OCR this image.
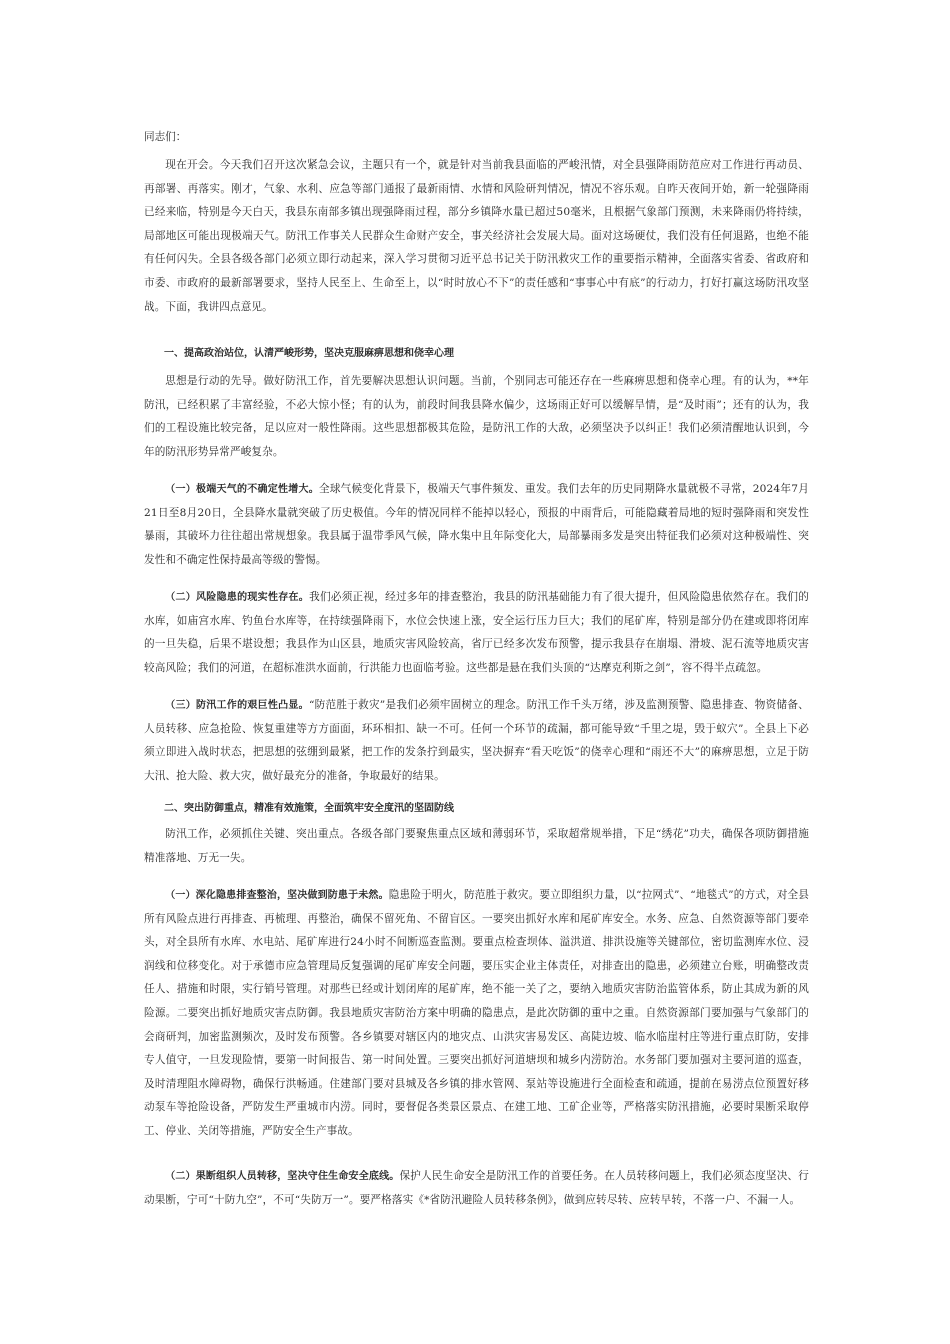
同志们：

现在开会。今天我们召开这次紧急会议，主题只有一个，就是针对当前我县面临的严峻汛情，对全县强降雨防范应对工作进行再动员、再部署、再落实。刚才，气象、水利、应急等部门通报了最新雨情、水情和风险研判情况，情况不容乐观。自昨天夜间开始，新一轮强降雨已经来临，特别是今天白天，我县东南部多镇出现强降雨过程，部分乡镇降水量已超过50毫米，且根据气象部门预测，未来降雨仍将持续，局部地区可能出现极端天气。防汛工作事关人民群众生命财产安全，事关经济社会发展大局。面对这场硬仗，我们没有任何退路，也绝不能有任何闪失。全县各级各部门必须立即行动起来，深入学习贯彻习近平总书记关于防汛救灾工作的重要指示精神，全面落实省委、省政府和市委、市政府的最新部署要求，坚持人民至上、生命至上，以“时时放心不下”的责任感和“事事心中有底”的行动力，打好打赢这场防汛攻坚战。下面，我讲四点意见。

一、提高政治站位，认清严峻形势，坚决克服麻痹思想和侥幸心理

思想是行动的先导。做好防汛工作，首先要解决思想认识问题。当前，个别同志可能还存在一些麻痹思想和侥幸心理。有的认为，**年防汛，已经积累了丰富经验，不必大惊小怪；有的认为，前段时间我县降水偏少，这场雨正好可以缓解旱情，是“及时雨”；还有的认为，我们的工程设施比较完备，足以应对一般性降雨。这些思想都极其危险，是防汛工作的大敌，必须坚决予以纠正！我们必须清醒地认识到，今年的防汛形势异常严峻复杂。

（一）极端天气的不确定性增大。全球气候变化背景下，极端天气事件频发、重发。我们去年的历史同期降水量就极不寻常，2024年7月21日至8月20日，全县降水量就突破了历史极值。今年的情况同样不能掉以轻心，预报的中雨背后，可能隐藏着局地的短时强降雨和突发性暴雨，其破坏力往往超出常规想象。我县属于温带季风气候，降水集中且年际变化大，局部暴雨多发是突出特征我们必须对这种极端性、突发性和不确定性保持最高等级的警惕。

（二）风险隐患的现实性存在。我们必须正视，经过多年的排查整治，我县的防汛基础能力有了很大提升，但风险隐患依然存在。我们的水库，如庙宫水库、钓鱼台水库等，在持续强降雨下，水位会快速上涨，安全运行压力巨大；我们的尾矿库，特别是部分仍在建或即将闭库的一旦失稳，后果不堪设想；我县作为山区县，地质灾害风险较高，省厅已经多次发布预警，提示我县存在崩塌、滑坡、泥石流等地质灾害较高风险；我们的河道，在超标准洪水面前，行洪能力也面临考验。这些都是悬在我们头顶的“达摩克利斯之剑”，容不得半点疏忽。

（三）防汛工作的艰巨性凸显。“防范胜于救灾”是我们必须牢固树立的理念。防汛工作千头万绪，涉及监测预警、隐患排查、物资储备、人员转移、应急抢险、恢复重建等方方面面，环环相扣、缺一不可。任何一个环节的疏漏，都可能导致“千里之堤，毁于蚁穴”。全县上下必须立即进入战时状态，把思想的弦绷到最紧，把工作的发条拧到最实，坚决摒弃“看天吃饭”的侥幸心理和“雨还不大”的麻痹思想，立足于防大汛、抢大险、救大灾，做好最充分的准备，争取最好的结果。

二、突出防御重点，精准有效施策，全面筑牢安全度汛的坚固防线

防汛工作，必须抓住关键、突出重点。各级各部门要聚焦重点区域和薄弱环节，采取超常规举措，下足“绣花”功夫，确保各项防御措施精准落地、万无一失。

（一）深化隐患排查整治，坚决做到防患于未然。隐患险于明火，防范胜于救灾。要立即组织力量，以“拉网式”、“地毯式”的方式，对全县所有风险点进行再排查、再梳理、再整治，确保不留死角、不留盲区。一要突出抓好水库和尾矿库安全。水务、应急、自然资源等部门要牵头，对全县所有水库、水电站、尾矿库进行24小时不间断巡查监测。要重点检查坝体、溢洪道、排洪设施等关键部位，密切监测库水位、浸润线和位移变化。对于承德市应急管理局反复强调的尾矿库安全问题，要压实企业主体责任，对排查出的隐患，必须建立台账，明确整改责任人、措施和时限，实行销号管理。对那些已经或计划闭库的尾矿库，绝不能一关了之，要纳入地质灾害防治监管体系，防止其成为新的风险源。二要突出抓好地质灾害点防御。我县地质灾害防治方案中明确的隐患点，是此次防御的重中之重。自然资源部门要加强与气象部门的会商研判，加密监测频次，及时发布预警。各乡镇要对辖区内的地灾点、山洪灾害易发区、高陡边坡、临水临崖村庄等进行重点盯防，安排专人值守，一旦发现险情，要第一时间报告、第一时间处置。三要突出抓好河道塘坝和城乡内涝防治。水务部门要加强对主要河道的巡查，及时清理阻水障碍物，确保行洪畅通。住建部门要对县城及各乡镇的排水管网、泵站等设施进行全面检查和疏通，提前在易涝点位预置好移动泵车等抢险设备，严防发生严重城市内涝。同时，要督促各类景区景点、在建工地、工矿企业等，严格落实防汛措施，必要时果断采取停工、停业、关闭等措施，严防安全生产事故。

（二）果断组织人员转移，坚决守住生命安全底线。保护人民生命安全是防汛工作的首要任务。在人员转移问题上，我们必须态度坚决、行动果断，宁可“十防九空”，不可“失防万一”。要严格落实《*省防汛避险人员转移条例》，做到应转尽转、应转早转，不落一户、不漏一人。
